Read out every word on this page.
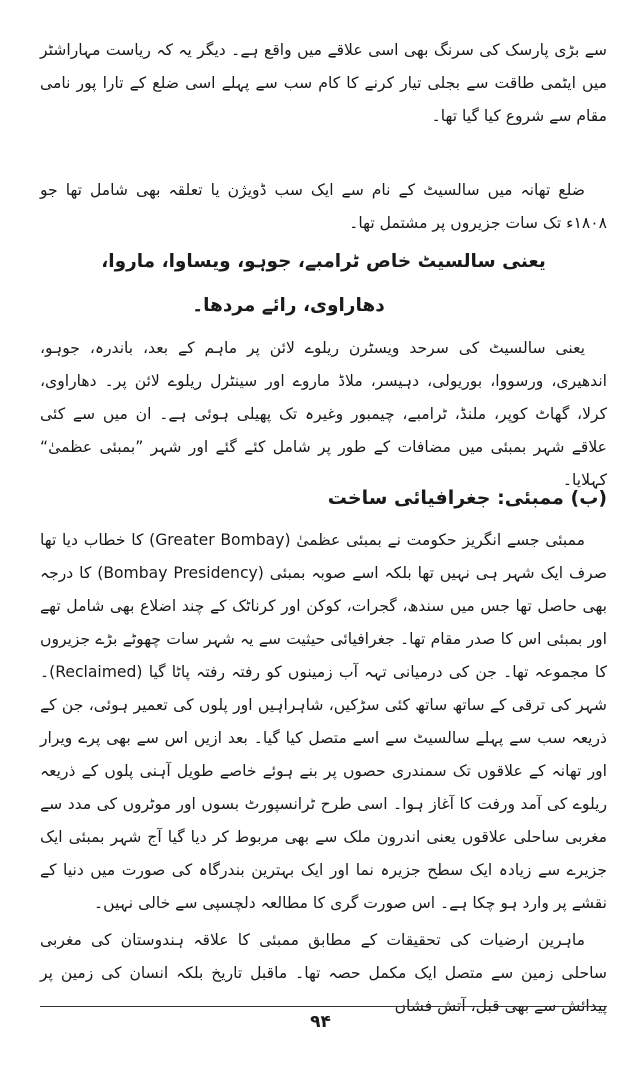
سے بڑی پارسک کی سرنگ بھی اسی علاقے میں واقع ہے۔ دیگر یہ کہ ریاست مہاراشٹر میں ایٹمی طاقت سے بجلی تیار کرنے کا کام سب سے پہلے اسی ضلع کے تارا پور نامی مقام سے شروع کیا گیا تھا۔

ضلع تھانہ میں سالسیٹ کے نام سے ایک سب ڈویژن یا تعلقہ بھی شامل تھا جو ۱۸۰۸ء تک سات جزیروں پر مشتمل تھا۔

یعنی سالسیٹ خاص ٹرامبے، جوہو، ویساوا، ماروا،

دھاراوی، رائے مردھا۔

یعنی سالسیٹ کی سرحد ویسٹرن ریلوے لائن پر ماہم کے بعد، باندرہ، جوہو، اندھیری، ورسووا، بوریولی، دہیسر، ملاڈ ماروے اور سینٹرل ریلوے لائن پر۔ دھاراوی، کرلا، گھاٹ کوپر، ملنڈ، ٹرامبے، چیمبور وغیرہ تک پھیلی ہوئی ہے۔ ان میں سے کئی علاقے شہر بمبئی میں مضافات کے طور پر شامل کئے گئے اور شہر ”بمبئی عظمیٰ“ کہلایا۔

(ب) ممبئی: جغرافیائی ساخت

ممبئی جسے انگریز حکومت نے بمبئی عظمیٰ (Greater Bombay) کا خطاب دیا تھا صرف ایک شہر ہی نہیں تھا بلکہ اسے صوبہ بمبئی (Bombay Presidency) کا درجہ بھی حاصل تھا جس میں سندھ، گجرات، کوکن اور کرناٹک کے چند اضلاع بھی شامل تھے اور بمبئی اس کا صدر مقام تھا۔ جغرافیائی حیثیت سے یہ شہر سات چھوٹے بڑے جزیروں کا مجموعہ تھا۔ جن کی درمیانی تہہ آب زمینوں کو رفتہ رفتہ پاٹا گیا (Reclaimed)۔ شہر کی ترقی کے ساتھ ساتھ کئی سڑکیں، شاہراہیں اور پلوں کی تعمیر ہوئی، جن کے ذریعہ سب سے پہلے سالسیٹ سے اسے متصل کیا گیا۔ بعد ازیں اس سے بھی پرے ویرار اور تھانہ کے علاقوں تک سمندری حصوں پر بنے ہوئے خاصے طویل آہنی پلوں کے ذریعہ ریلوے کی آمد ورفت کا آغاز ہوا۔ اسی طرح ٹرانسپورٹ بسوں اور موٹروں کی مدد سے مغربی ساحلی علاقوں یعنی اندرون ملک سے بھی مربوط کر دیا گیا آج شہر بمبئی ایک جزیرے سے زیادہ ایک سطح جزیرہ نما اور ایک بہترین بندرگاہ کی صورت میں دنیا کے نقشے پر وارد ہو چکا ہے۔ اس صورت گری کا مطالعہ دلچسپی سے خالی نہیں۔

ماہرین ارضیات کی تحقیقات کے مطابق ممبئی کا علاقہ ہندوستان کی مغربی ساحلی زمین سے متصل ایک مکمل حصہ تھا۔ ماقبل تاریخ بلکہ انسان کی زمین پر پیدائش سے بھی قبل، آتش فشاں

۹۴
